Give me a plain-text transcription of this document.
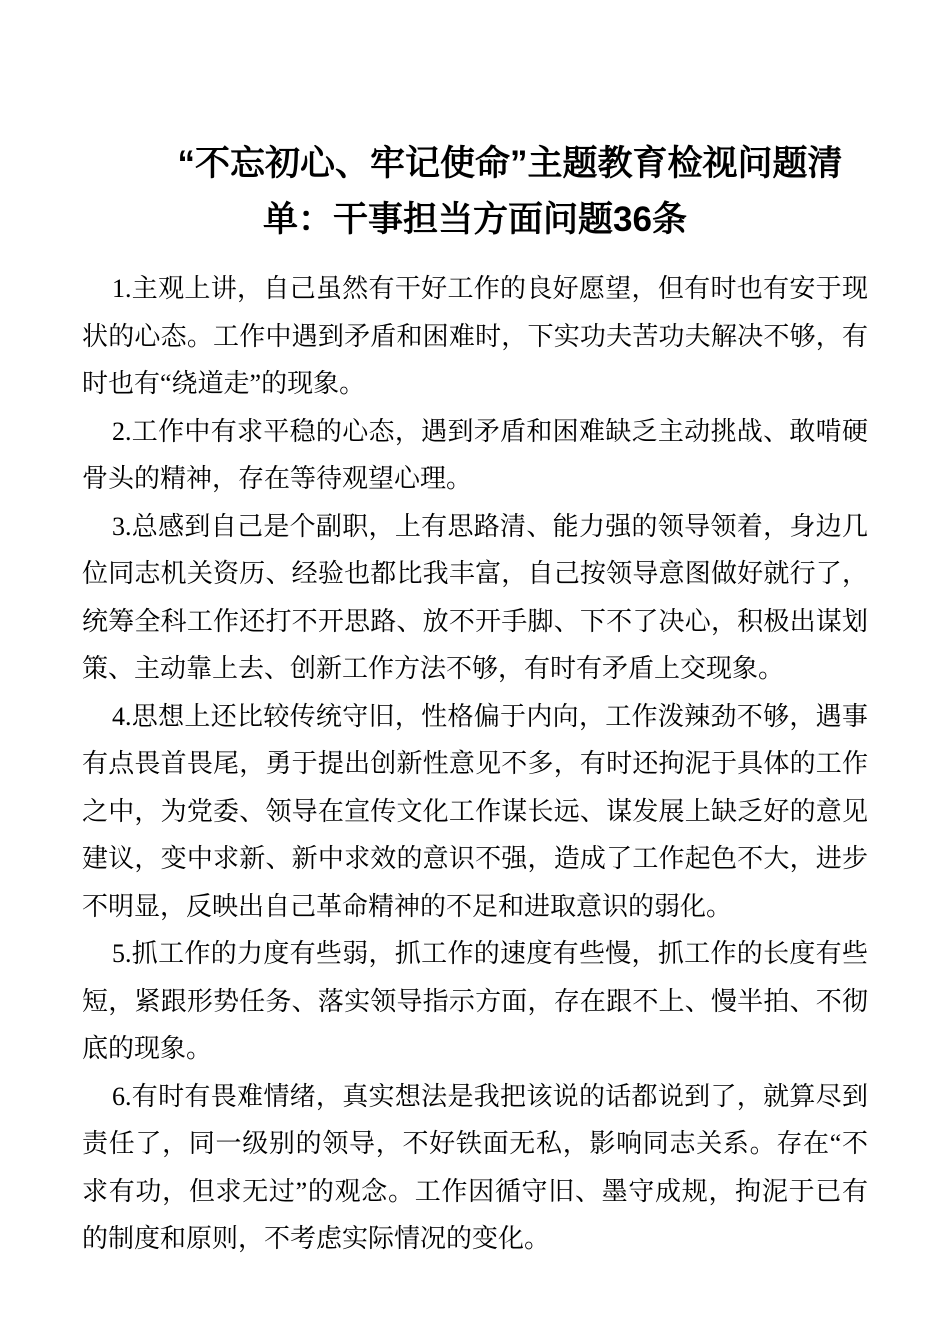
“不忘初心、牢记使命”主题教育检视问题清单：干事担当方面问题36条

1.主观上讲，自己虽然有干好工作的良好愿望，但有时也有安于现状的心态。工作中遇到矛盾和困难时，下实功夫苦功夫解决不够，有时也有“绕道走”的现象。

2.工作中有求平稳的心态，遇到矛盾和困难缺乏主动挑战、敢啃硬骨头的精神，存在等待观望心理。

3.总感到自己是个副职，上有思路清、能力强的领导领着，身边几位同志机关资历、经验也都比我丰富，自己按领导意图做好就行了，统筹全科工作还打不开思路、放不开手脚、下不了决心，积极出谋划策、主动靠上去、创新工作方法不够，有时有矛盾上交现象。

4.思想上还比较传统守旧，性格偏于内向，工作泼辣劲不够，遇事有点畏首畏尾，勇于提出创新性意见不多，有时还拘泥于具体的工作之中，为党委、领导在宣传文化工作谋长远、谋发展上缺乏好的意见建议，变中求新、新中求效的意识不强，造成了工作起色不大，进步不明显，反映出自己革命精神的不足和进取意识的弱化。

5.抓工作的力度有些弱，抓工作的速度有些慢，抓工作的长度有些短，紧跟形势任务、落实领导指示方面，存在跟不上、慢半拍、不彻底的现象。

6.有时有畏难情绪，真实想法是我把该说的话都说到了，就算尽到责任了，同一级别的领导，不好铁面无私，影响同志关系。存在“不求有功，但求无过”的观念。工作因循守旧、墨守成规，拘泥于已有的制度和原则，不考虑实际情况的变化。
